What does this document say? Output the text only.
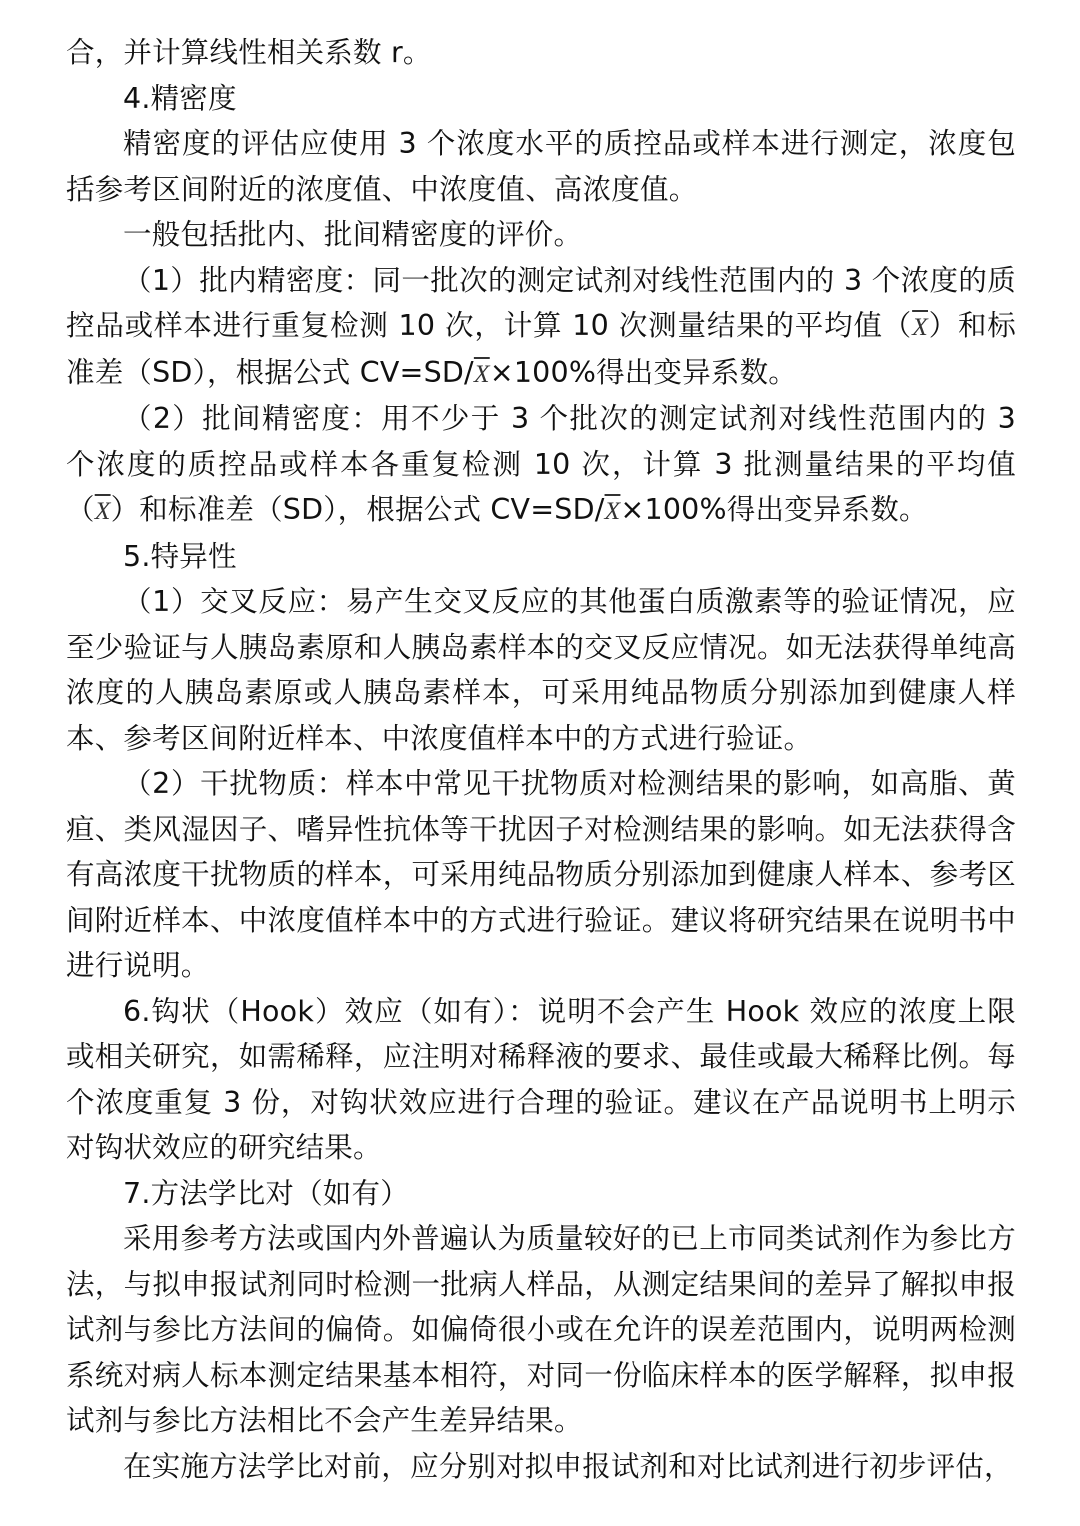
合，并计算线性相关系数 r。

4.精密度

精密度的评估应使用 3 个浓度水平的质控品或样本进行测定，浓度包括参考区间附近的浓度值、中浓度值、高浓度值。

一般包括批内、批间精密度的评价。

（1）批内精密度：同一批次的测定试剂对线性范围内的 3 个浓度的质控品或样本进行重复检测 10 次，计算 10 次测量结果的平均值$(\overline{X})$和标准差（SD），根据公式 $CV=SD/\overline{X}\times 100\%$得出变异系数。

（2）批间精密度：用不少于 3 个批次的测定试剂对线性范围内的 3 个浓度的质控品或样本各重复检测 10 次，计算 3 批测量结果的平均值$(\overline{X})$和标准差（SD），根据公式 $CV=SD/\overline{X}\times 100\%$得出变异系数。

5.特异性

（1）交叉反应：易产生交叉反应的其他蛋白质激素等的验证情况，应至少验证与人胰岛素原和人胰岛素样本的交叉反应情况。如无法获得单纯高浓度的人胰岛素原或人胰岛素样本，可采用纯品物质分别添加到健康人样本、参考区间附近样本、中浓度值样本中的方式进行验证。

（2）干扰物质：样本中常见干扰物质对检测结果的影响，如高脂、黄疸、类风湿因子、嗜异性抗体等干扰因子对检测结果的影响。如无法获得含有高浓度干扰物质的样本，可采用纯品物质分别添加到健康人样本、参考区间附近样本、中浓度值样本中的方式进行验证。建议将研究结果在说明书中进行说明。

6.钩状（Hook）效应（如有）：说明不会产生 Hook 效应的浓度上限或相关研究，如需稀释，应注明对稀释液的要求、最佳或最大稀释比例。每个浓度重复 3 份，对钩状效应进行合理的验证。建议在产品说明书上明示对钩状效应的研究结果。

7.方法学比对（如有）

采用参考方法或国内外普遍认为质量较好的已上市同类试剂作为参比方法，与拟申报试剂同时检测一批病人样品，从测定结果间的差异了解拟申报试剂与参比方法间的偏倚。如偏倚很小或在允许的误差范围内，说明两检测系统对病人标本测定结果基本相符，对同一份临床样本的医学解释，拟申报试剂与参比方法相比不会产生差异结果。

在实施方法学比对前，应分别对拟申报试剂和对比试剂进行初步评估，
